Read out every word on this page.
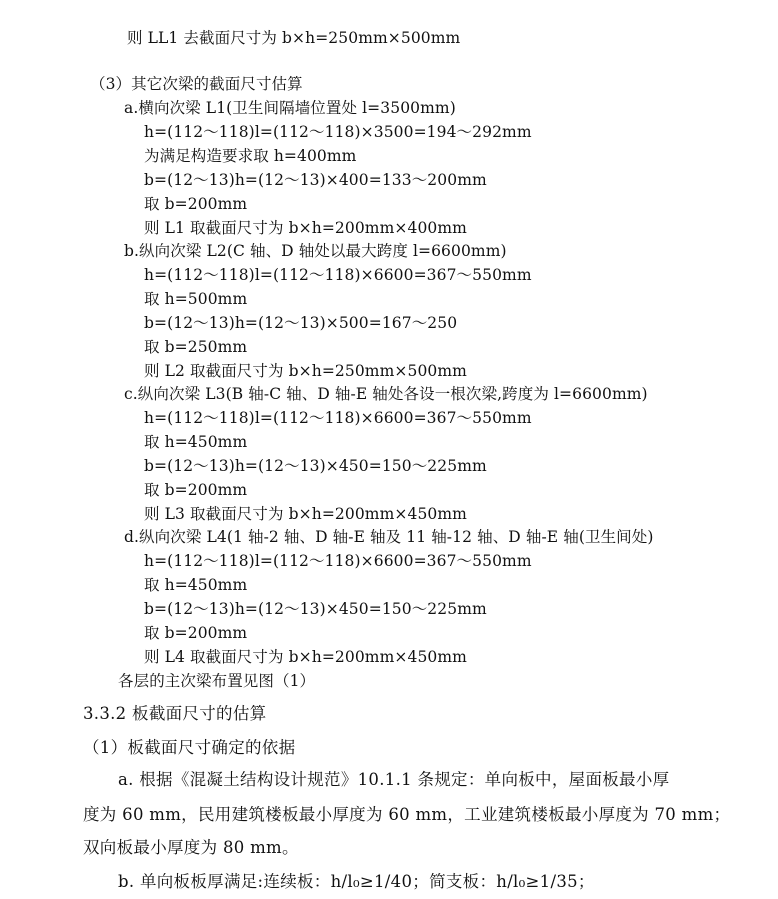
则 LL1 去截面尺寸为 b×h=250mm×500mm
（3）其它次梁的截面尺寸估算
a.横向次梁 L1(卫生间隔墙位置处 l=3500mm)
h=(112～118)l=(112～118)×3500=194～292mm
为满足构造要求取 h=400mm
b=(12～13)h=(12～13)×400=133～200mm
取 b=200mm
则 L1 取截面尺寸为 b×h=200mm×400mm
b.纵向次梁 L2(C 轴、D 轴处以最大跨度 l=6600mm)
h=(112～118)l=(112～118)×6600=367～550mm
取 h=500mm
b=(12～13)h=(12～13)×500=167～250
取 b=250mm
则 L2 取截面尺寸为 b×h=250mm×500mm
c.纵向次梁 L3(B 轴-C 轴、D 轴-E 轴处各设一根次梁,跨度为 l=6600mm)
h=(112～118)l=(112～118)×6600=367～550mm
取 h=450mm
b=(12～13)h=(12～13)×450=150～225mm
取 b=200mm
则 L3 取截面尺寸为 b×h=200mm×450mm
d.纵向次梁 L4(1 轴-2 轴、D 轴-E 轴及 11 轴-12 轴、D 轴-E 轴(卫生间处)
h=(112～118)l=(112～118)×6600=367～550mm
取 h=450mm
b=(12～13)h=(12～13)×450=150～225mm
取 b=200mm
则 L4 取截面尺寸为 b×h=200mm×450mm
各层的主次梁布置见图（1）
3.3.2 板截面尺寸的估算
（1）板截面尺寸确定的依据
a. 根据《混凝土结构设计规范》10.1.1 条规定：单向板中，屋面板最小厚
度为 60 mm，民用建筑楼板最小厚度为 60 mm，工业建筑楼板最小厚度为 70 mm；
双向板最小厚度为 80 mm。
b. 单向板板厚满足:连续板：h/l₀≥1/40；简支板：h/l₀≥1/35；
